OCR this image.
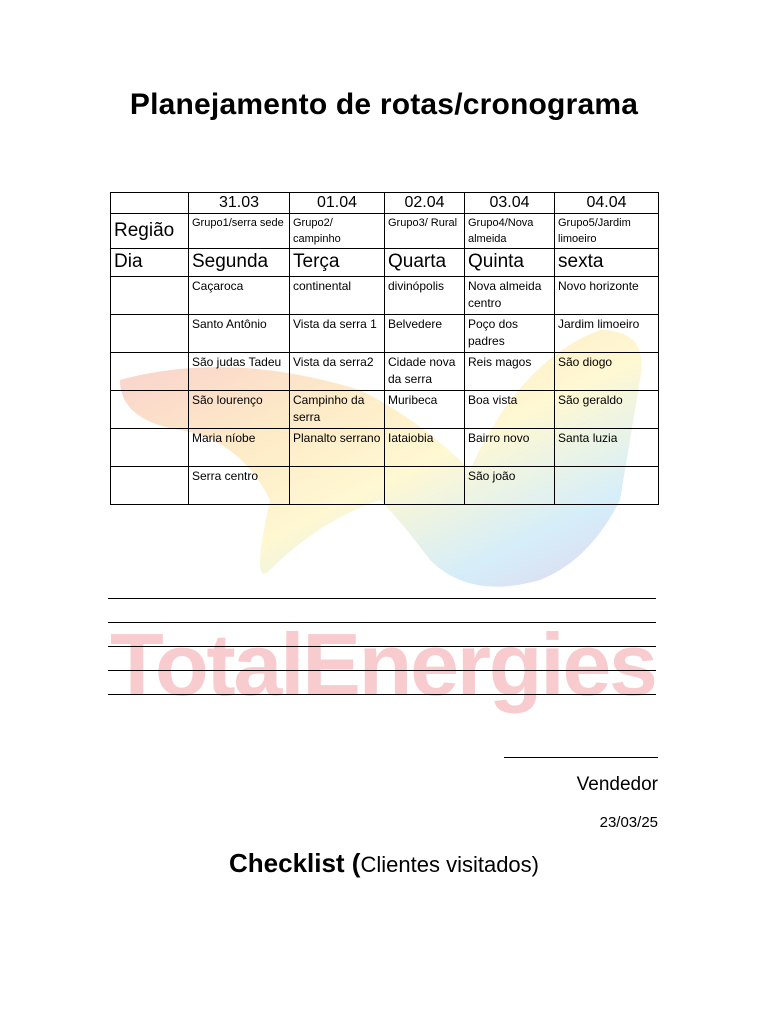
TotalEnergies
Planejamento de rotas/cronograma
	31.03	01.04	02.04	03.04	04.04

Região	Grupo1/serra sede	Grupo2/ campinho	Grupo3/ Rural	Grupo4/Nova almeida	Grupo5/Jardim limoeiro

Dia	Segunda	Terça	Quarta	Quinta	sexta

	Caçaroca	continental	divinópolis	Nova almeida centro	Novo horizonte

	Santo Antônio	Vista da serra 1	Belvedere	Poço dos padres	Jardim limoeiro

	São judas Tadeu	Vista da serra2	Cidade nova da serra	Reis magos	São diogo

	São lourenço	Campinho da serra	Muribeca	Boa vista	São geraldo

	Maria níobe	Planalto serrano	Iataiobia	Bairro novo	Santa luzia

	Serra centro			São joão	

Vendedor
23/03/25
Checklist (Clientes visitados)
